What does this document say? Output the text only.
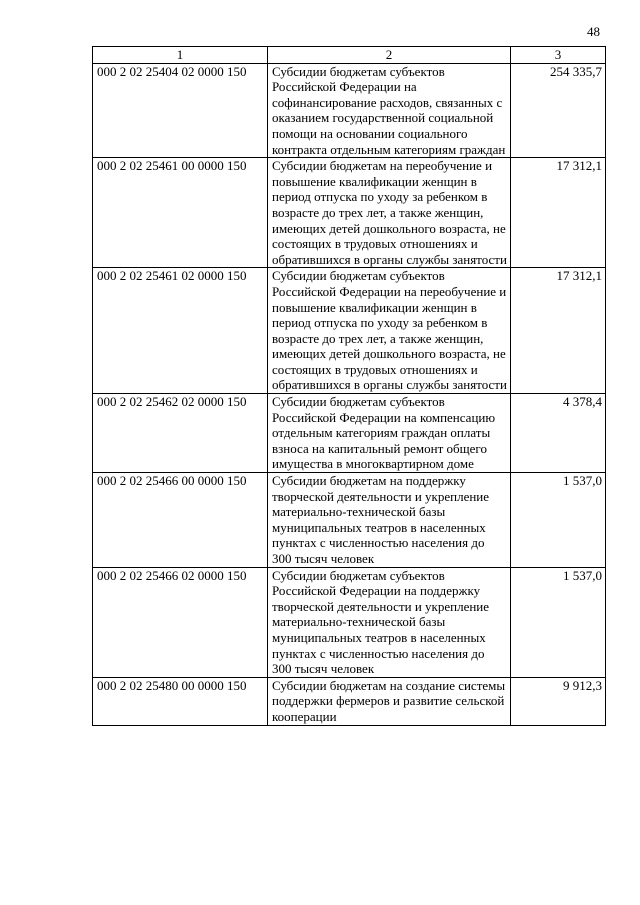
48
1	2	3
000 2 02 25404 02 0000 150	Субсидии бюджетам субъектов Российской Федерации на софинансирование расходов, связанных с оказанием государственной социальной помощи на основании социального контракта отдельным категориям граждан	254 335,7
000 2 02 25461 00 0000 150	Субсидии бюджетам на переобучение и повышение квалификации женщин в период отпуска по уходу за ребенком в возрасте до трех лет, а также женщин, имеющих детей дошкольного возраста, не состоящих в трудовых отношениях и обратившихся в органы службы занятости	17 312,1
000 2 02 25461 02 0000 150	Субсидии бюджетам субъектов Российской Федерации на переобучение и повышение квалификации женщин в период отпуска по уходу за ребенком в возрасте до трех лет, а также женщин, имеющих детей дошкольного возраста, не состоящих в трудовых отношениях и обратившихся в органы службы занятости	17 312,1
000 2 02 25462 02 0000 150	Субсидии бюджетам субъектов Российской Федерации на компенсацию отдельным категориям граждан оплаты взноса на капитальный ремонт общего имущества в многоквартирном доме	4 378,4
000 2 02 25466 00 0000 150	Субсидии бюджетам на поддержку творческой деятельности и укрепление материально-технической базы муниципальных театров в населенных пунктах с численностью населения до 300 тысяч человек	1 537,0
000 2 02 25466 02 0000 150	Субсидии бюджетам субъектов Российской Федерации на поддержку творческой деятельности и укрепление материально-технической базы муниципальных театров в населенных пунктах с численностью населения до 300 тысяч человек	1 537,0
000 2 02 25480 00 0000 150	Субсидии бюджетам на создание системы поддержки фермеров и развитие сельской кооперации	9 912,3
